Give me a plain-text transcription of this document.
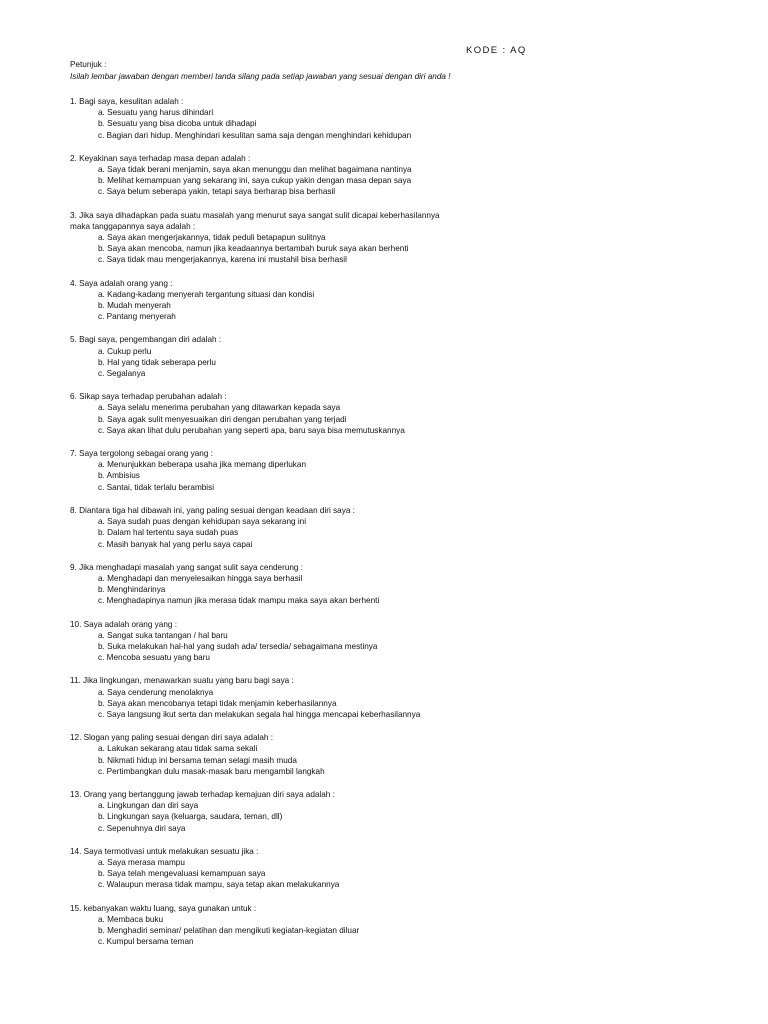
KODE : AQ
Petunjuk :
Isilah lembar jawaban dengan memberi tanda silang pada setiap jawaban yang sesuai dengan diri anda !
1. Bagi saya, kesulitan adalah :
a. Sesuatu yang harus dihindari
b. Sesuatu yang bisa dicoba untuk dihadapi
c. Bagian dari hidup. Menghindari kesulitan sama saja dengan menghindari kehidupan
2. Keyakinan saya terhadap masa depan adalah :
a. Saya tidak berani menjamin, saya akan menunggu dan melihat bagaimana nantinya
b. Melihat kemampuan yang sekarang ini, saya cukup yakin dengan masa depan saya
c. Saya belum seberapa yakin, tetapi saya berharap bisa berhasil
3. Jika saya dihadapkan pada suatu masalah yang menurut saya sangat sulit dicapai keberhasilannya
maka tanggapannya saya adalah :
a. Saya akan mengerjakannya, tidak peduli betapapun sulitnya
b. Saya akan mencoba, namun jika keadaannya bertambah buruk saya akan berhenti
c. Saya tidak mau mengerjakannya, karena ini mustahil bisa berhasil
4. Saya adalah orang yang :
a. Kadang-kadang menyerah tergantung situasi dan kondisi
b. Mudah menyerah
c. Pantang menyerah
5. Bagi saya, pengembangan diri adalah :
a. Cukup perlu
b. Hal yang tidak seberapa perlu
c. Segalanya
6. Sikap saya terhadap perubahan adalah :
a. Saya selalu menerima perubahan yang ditawarkan kepada saya
b. Saya agak sulit menyesuaikan diri dengan perubahan yang terjadi
c. Saya akan lihat dulu perubahan yang seperti apa, baru saya bisa memutuskannya
7. Saya tergolong sebagai orang yang :
a. Menunjukkan beberapa usaha jika memang diperlukan
b. Ambisius
c. Santai, tidak terlalu berambisi
8. Diantara tiga hal dibawah ini, yang paling sesuai dengan keadaan diri saya :
a. Saya sudah puas dengan kehidupan saya sekarang ini
b. Dalam hal tertentu saya sudah puas
c. Masih banyak hal yang perlu saya capai
9. Jika menghadapi masalah yang sangat sulit saya cenderung :
a. Menghadapi dan menyelesaikan hingga saya berhasil
b. Menghindarinya
c. Menghadapinya namun jika merasa tidak mampu maka saya akan berhenti
10. Saya adalah orang yang :
a. Sangat suka tantangan / hal baru
b. Suka melakukan hal-hal yang sudah ada/ tersedia/ sebagaimana mestinya
c. Mencoba sesuatu yang baru
11. Jika lingkungan, menawarkan suatu yang baru bagi saya :
a. Saya cenderung menolaknya
b. Saya akan mencobanya tetapi tidak menjamin keberhasilannya
c. Saya langsung ikut serta dan melakukan segala hal hingga mencapai keberhasilannya
12. Slogan yang paling sesuai dengan diri saya adalah :
a. Lakukan sekarang atau tidak sama sekali
b. Nikmati hidup ini bersama teman selagi masih muda
c. Pertimbangkan dulu masak-masak baru mengambil langkah
13. Orang yang bertanggung jawab terhadap kemajuan diri saya adalah :
a. Lingkungan dan diri saya
b. Lingkungan saya (keluarga, saudara, teman, dll)
c. Sepenuhnya diri saya
14. Saya termotivasi untuk melakukan sesuatu jika :
a. Saya merasa mampu
b. Saya telah mengevaluasi kemampuan saya
c. Walaupun merasa tidak mampu, saya tetap akan melakukannya
15. kebanyakan waktu luang, saya gunakan untuk :
a. Membaca buku
b. Menghadiri seminar/ pelatihan dan mengikuti kegiatan-kegiatan diluar
c. Kumpul bersama teman
